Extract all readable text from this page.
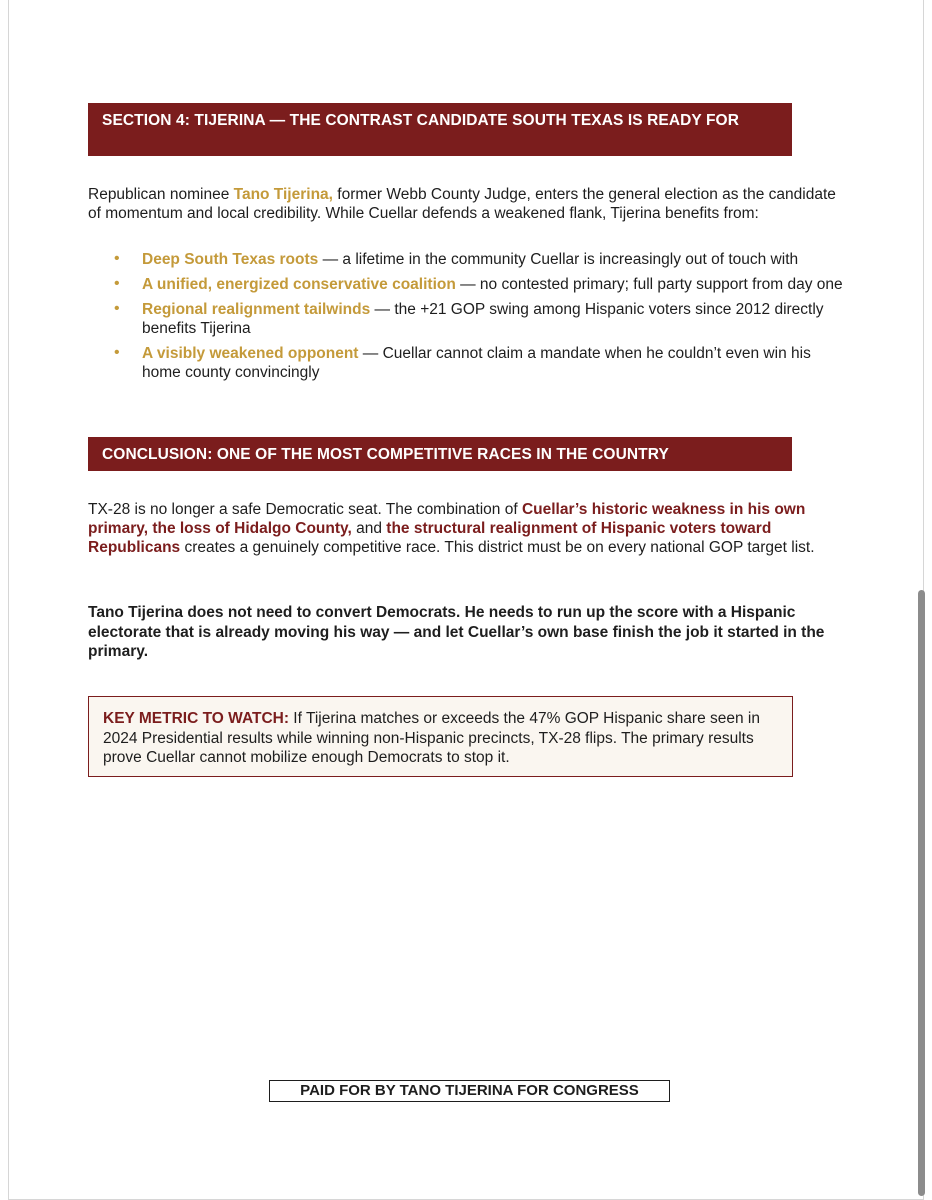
SECTION 4: TIJERINA — THE CONTRAST CANDIDATE SOUTH TEXAS IS READY FOR

Republican nominee Tano Tijerina, former Webb County Judge, enters the general election as the candidate of momentum and local credibility. While Cuellar defends a weakened flank, Tijerina benefits from:

• Deep South Texas roots — a lifetime in the community Cuellar is increasingly out of touch with
• A unified, energized conservative coalition — no contested primary; full party support from day one
• Regional realignment tailwinds — the +21 GOP swing among Hispanic voters since 2012 directly benefits Tijerina
• A visibly weakened opponent — Cuellar cannot claim a mandate when he couldn’t even win his home county convincingly
CONCLUSION: ONE OF THE MOST COMPETITIVE RACES IN THE COUNTRY

TX-28 is no longer a safe Democratic seat. The combination of Cuellar’s historic weakness in his own primary, the loss of Hidalgo County, and the structural realignment of Hispanic voters toward Republicans creates a genuinely competitive race. This district must be on every national GOP target list.

Tano Tijerina does not need to convert Democrats. He needs to run up the score with a Hispanic electorate that is already moving his way — and let Cuellar’s own base finish the job it started in the primary.

KEY METRIC TO WATCH: If Tijerina matches or exceeds the 47% GOP Hispanic share seen in 2024 Presidential results while winning non-Hispanic precincts, TX-28 flips. The primary results prove Cuellar cannot mobilize enough Democrats to stop it.
PAID FOR BY TANO TIJERINA FOR CONGRESS
